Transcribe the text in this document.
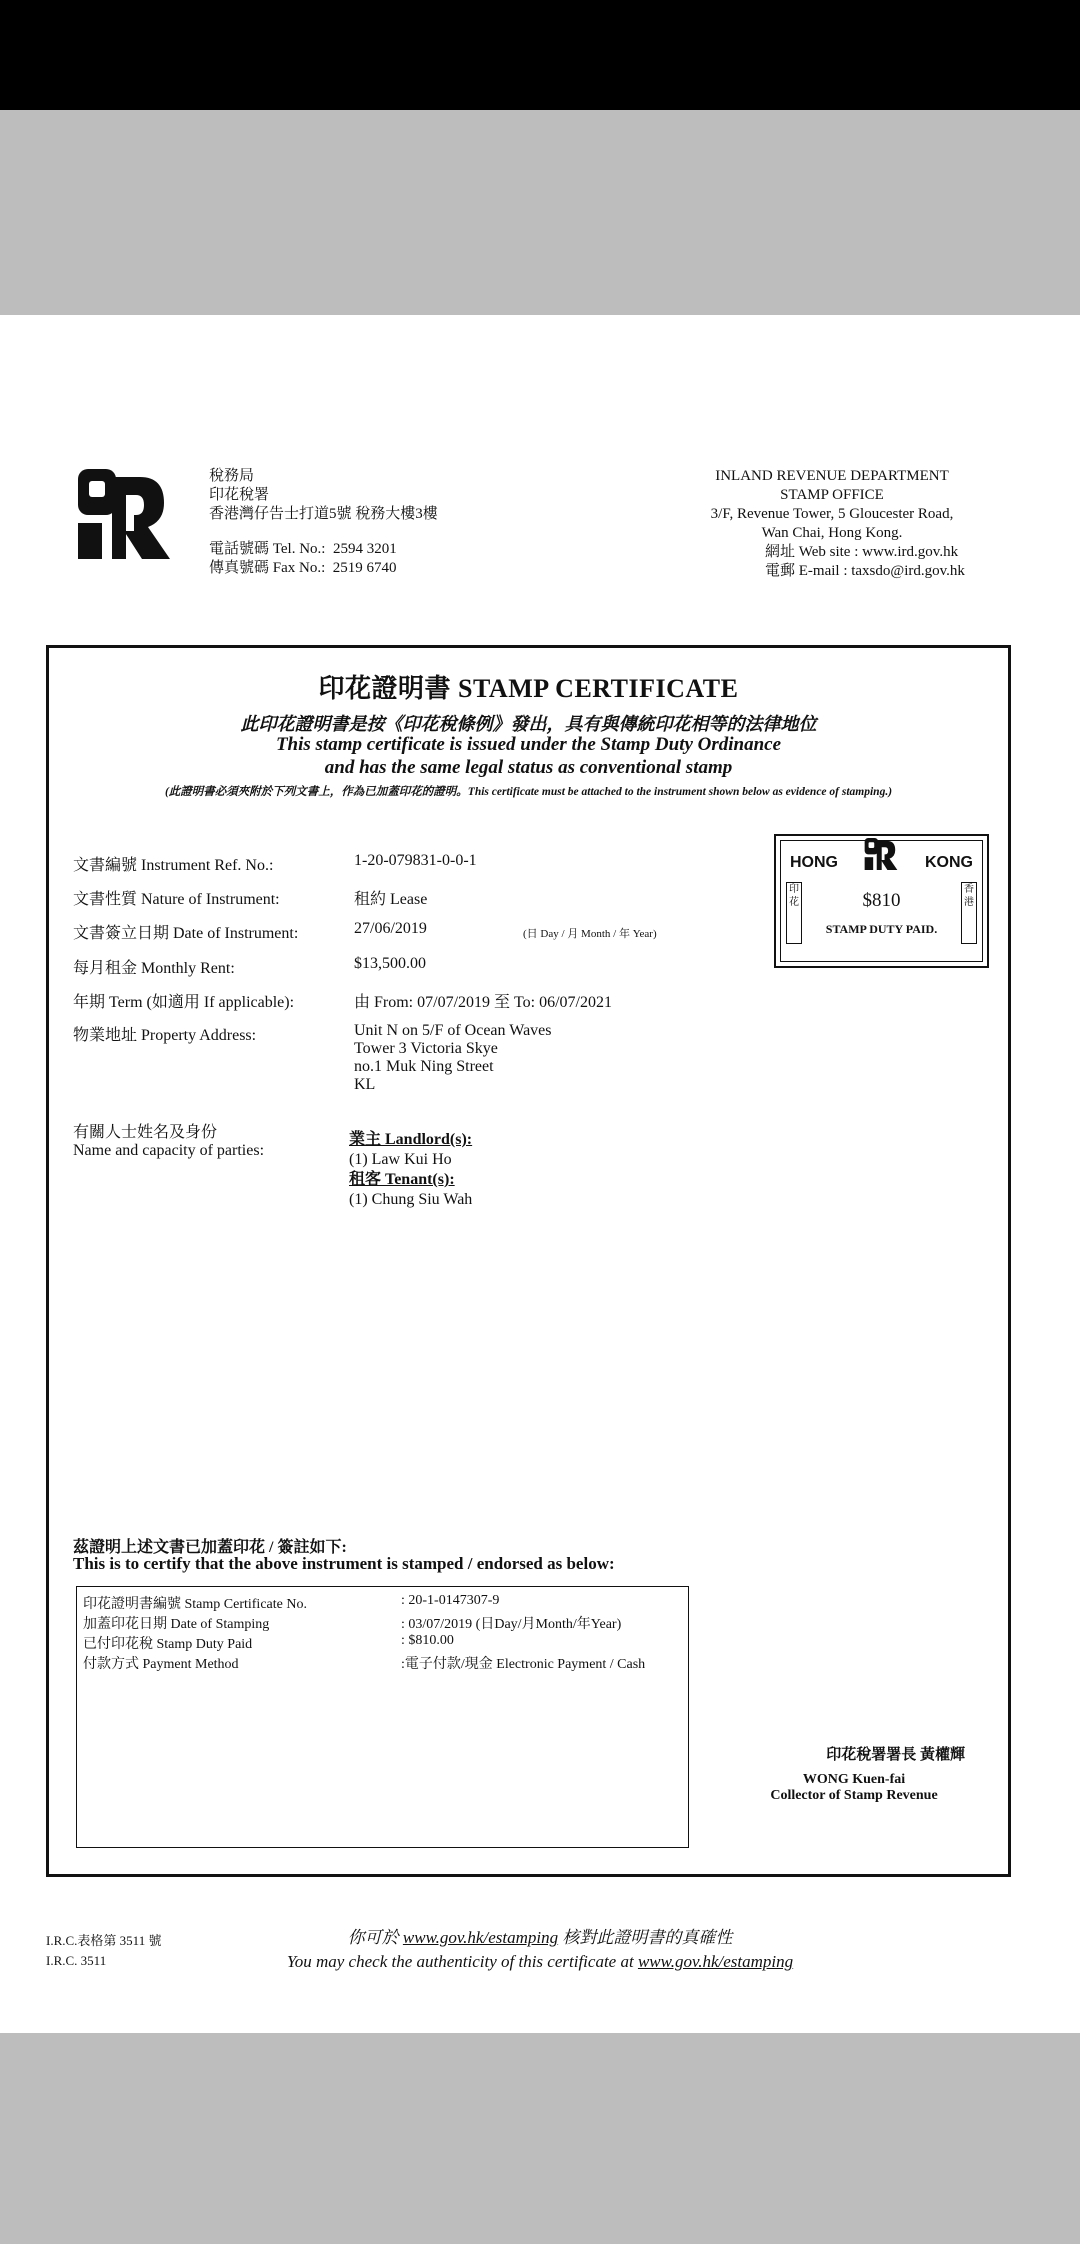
稅務局
印花稅署
香港灣仔告士打道5號 稅務大樓3樓
電話號碼 Tel. No.: 2594 3201
傳真號碼 Fax No.: 2519 6740
INLAND REVENUE DEPARTMENT
STAMP OFFICE
3/F, Revenue Tower, 5 Gloucester Road,
Wan Chai, Hong Kong.
網址 Web site : www.ird.gov.hk
電郵 E-mail : taxsdo@ird.gov.hk
印花證明書 STAMP CERTIFICATE
此印花證明書是按《印花稅條例》發出，具有與傳統印花相等的法律地位
This stamp certificate is issued under the Stamp Duty Ordinance
and has the same legal status as conventional stamp
(此證明書必須夾附於下列文書上，作為已加蓋印花的證明。This certificate must be attached to the instrument shown below as evidence of stamping.)
文書編號 Instrument Ref. No.:	1-20-079831-0-0-1
文書性質 Nature of Instrument:	租約 Lease
文書簽立日期 Date of Instrument:	27/06/2019	(日 Day / 月 Month / 年 Year)
每月租金 Monthly Rent:	$13,500.00
年期 Term (如適用 If applicable):	由 From: 07/07/2019 至 To: 06/07/2021
物業地址 Property Address:	Unit N on 5/F of Ocean Waves
Tower 3 Victoria Skye
no.1 Muk Ning Street
KL
有關人士姓名及身份
Name and capacity of parties:
業主 Landlord(s):
(1) Law Kui Ho
租客 Tenant(s):
(1) Chung Siu Wah
HONG	KONG
印花
香港
$810
STAMP DUTY PAID.
茲證明上述文書已加蓋印花 / 簽註如下:
This is to certify that the above instrument is stamped / endorsed as below:
印花證明書編號 Stamp Certificate No.	: 20-1-0147307-9
加蓋印花日期 Date of Stamping	: 03/07/2019 (日Day/月Month/年Year)
已付印花稅 Stamp Duty Paid	: $810.00
付款方式 Payment Method	:電子付款/現金 Electronic Payment / Cash
印花稅署署長 黃權輝
WONG Kuen-fai
Collector of Stamp Revenue
I.R.C.表格第 3511 號
I.R.C. 3511
你可於 www.gov.hk/estamping 核對此證明書的真確性
You may check the authenticity of this certificate at www.gov.hk/estamping
